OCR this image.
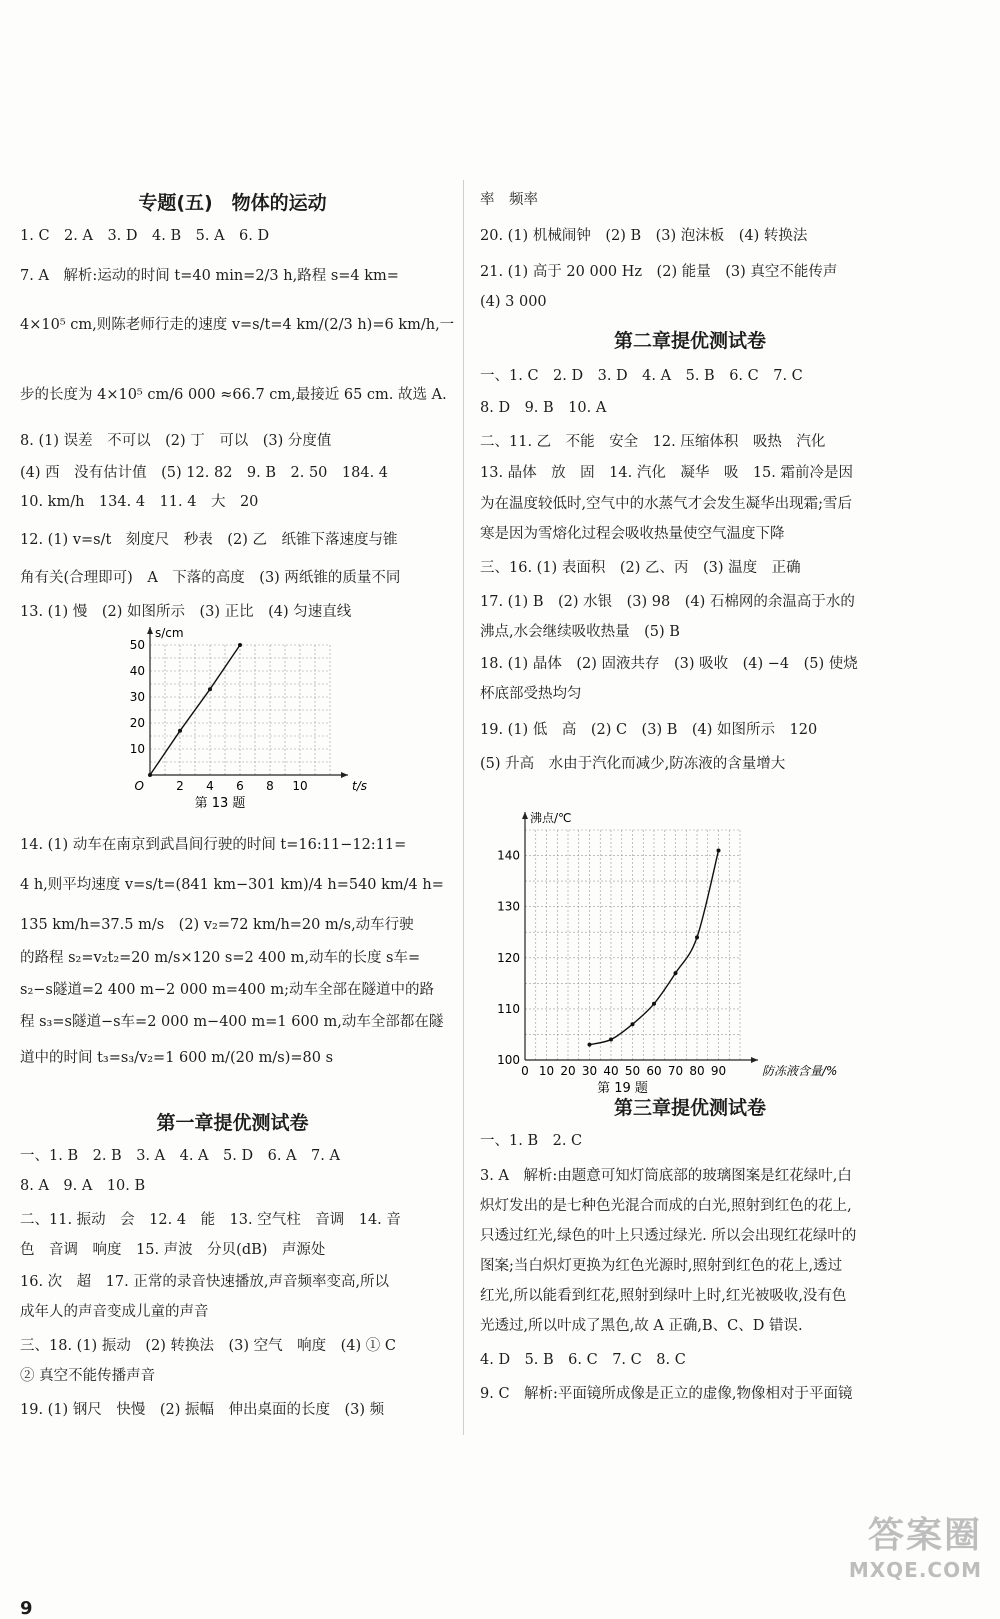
专题(五)　物体的运动
1. C　2. A　3. D　4. B　5. A　6. D
7. A　解析:运动的时间 t=40 min=2/3 h,路程 s=4 km=
4×10⁵ cm,则陈老师行走的速度 v=s/t=4 km/(2/3 h)=6 km/h,一
步的长度为 4×10⁵ cm/6 000 ≈66.7 cm,最接近 65 cm. 故选 A.
8. (1) 误差　不可以　(2) 丁　可以　(3) 分度值
(4) 西　没有估计值　(5) 12. 82　9. B　2. 50　184. 4
10. km/h　134. 4　11. 4　大　20
12. (1) v=s/t　刻度尺　秒表　(2) 乙　纸锥下落速度与锥
角有关(合理即可)　A　下落的高度　(3) 两纸锥的质量不同
13. (1) 慢　(2) 如图所示　(3) 正比　(4) 匀速直线
2 4 6 8 10
10
20
30
40
50
O	t/s
s/cm
第 13 题
14. (1) 动车在南京到武昌间行驶的时间 t=16:11−12:11=
4 h,则平均速度 v=s/t=(841 km−301 km)/4 h=540 km/4 h=
135 km/h=37.5 m/s　(2) v₂=72 km/h=20 m/s,动车行驶
的路程 s₂=v₂t₂=20 m/s×120 s=2 400 m,动车的长度 s车=
s₂−s隧道=2 400 m−2 000 m=400 m;动车全部在隧道中的路
程 s₃=s隧道−s车=2 000 m−400 m=1 600 m,动车全部都在隧
道中的时间 t₃=s₃/v₂=1 600 m/(20 m/s)=80 s
第一章提优测试卷
一、1. B　2. B　3. A　4. A　5. D　6. A　7. A
8. A　9. A　10. B
二、11. 振动　会　12. 4　能　13. 空气柱　音调　14. 音
色　音调　响度　15. 声波　分贝(dB)　声源处
16. 次　超　17. 正常的录音快速播放,声音频率变高,所以
成年人的声音变成儿童的声音
三、18. (1) 振动　(2) 转换法　(3) 空气　响度　(4) ① C
② 真空不能传播声音
19. (1) 钢尺　快慢　(2) 振幅　伸出桌面的长度　(3) 频
9
率　频率
20. (1) 机械闹钟　(2) B　(3) 泡沫板　(4) 转换法
21. (1) 高于 20 000 Hz　(2) 能量　(3) 真空不能传声
(4) 3 000
第二章提优测试卷
一、1. C　2. D　3. D　4. A　5. B　6. C　7. C
8. D　9. B　10. A
二、11. 乙　不能　安全　12. 压缩体积　吸热　汽化
13. 晶体　放　固　14. 汽化　凝华　吸　15. 霜前冷是因
为在温度较低时,空气中的水蒸气才会发生凝华出现霜;雪后
寒是因为雪熔化过程会吸收热量使空气温度下降
三、16. (1) 表面积　(2) 乙、丙　(3) 温度　正确
17. (1) B　(2) 水银　(3) 98　(4) 石棉网的余温高于水的
沸点,水会继续吸收热量　(5) B
18. (1) 晶体　(2) 固液共存　(3) 吸收　(4) −4　(5) 使烧
杯底部受热均匀
19. (1) 低　高　(2) C　(3) B　(4) 如图所示　120
(5) 升高　水由于汽化而减少,防冻液的含量增大
0 10 20 30 40 50 60 70 80 90
100
110
120
130
140
防冻液含量/%
沸点/℃
第 19 题
第三章提优测试卷
一、1. B　2. C
3. A　解析:由题意可知灯筒底部的玻璃图案是红花绿叶,白
炽灯发出的是七种色光混合而成的白光,照射到红色的花上,
只透过红光,绿色的叶上只透过绿光. 所以会出现红花绿叶的
图案;当白炽灯更换为红色光源时,照射到红色的花上,透过
红光,所以能看到红花,照射到绿叶上时,红光被吸收,没有色
光透过,所以叶成了黑色,故 A 正确,B、C、D 错误.
4. D　5. B　6. C　7. C　8. C
9. C　解析:平面镜所成像是正立的虚像,物像相对于平面镜
答案圈
MXQE.COM
